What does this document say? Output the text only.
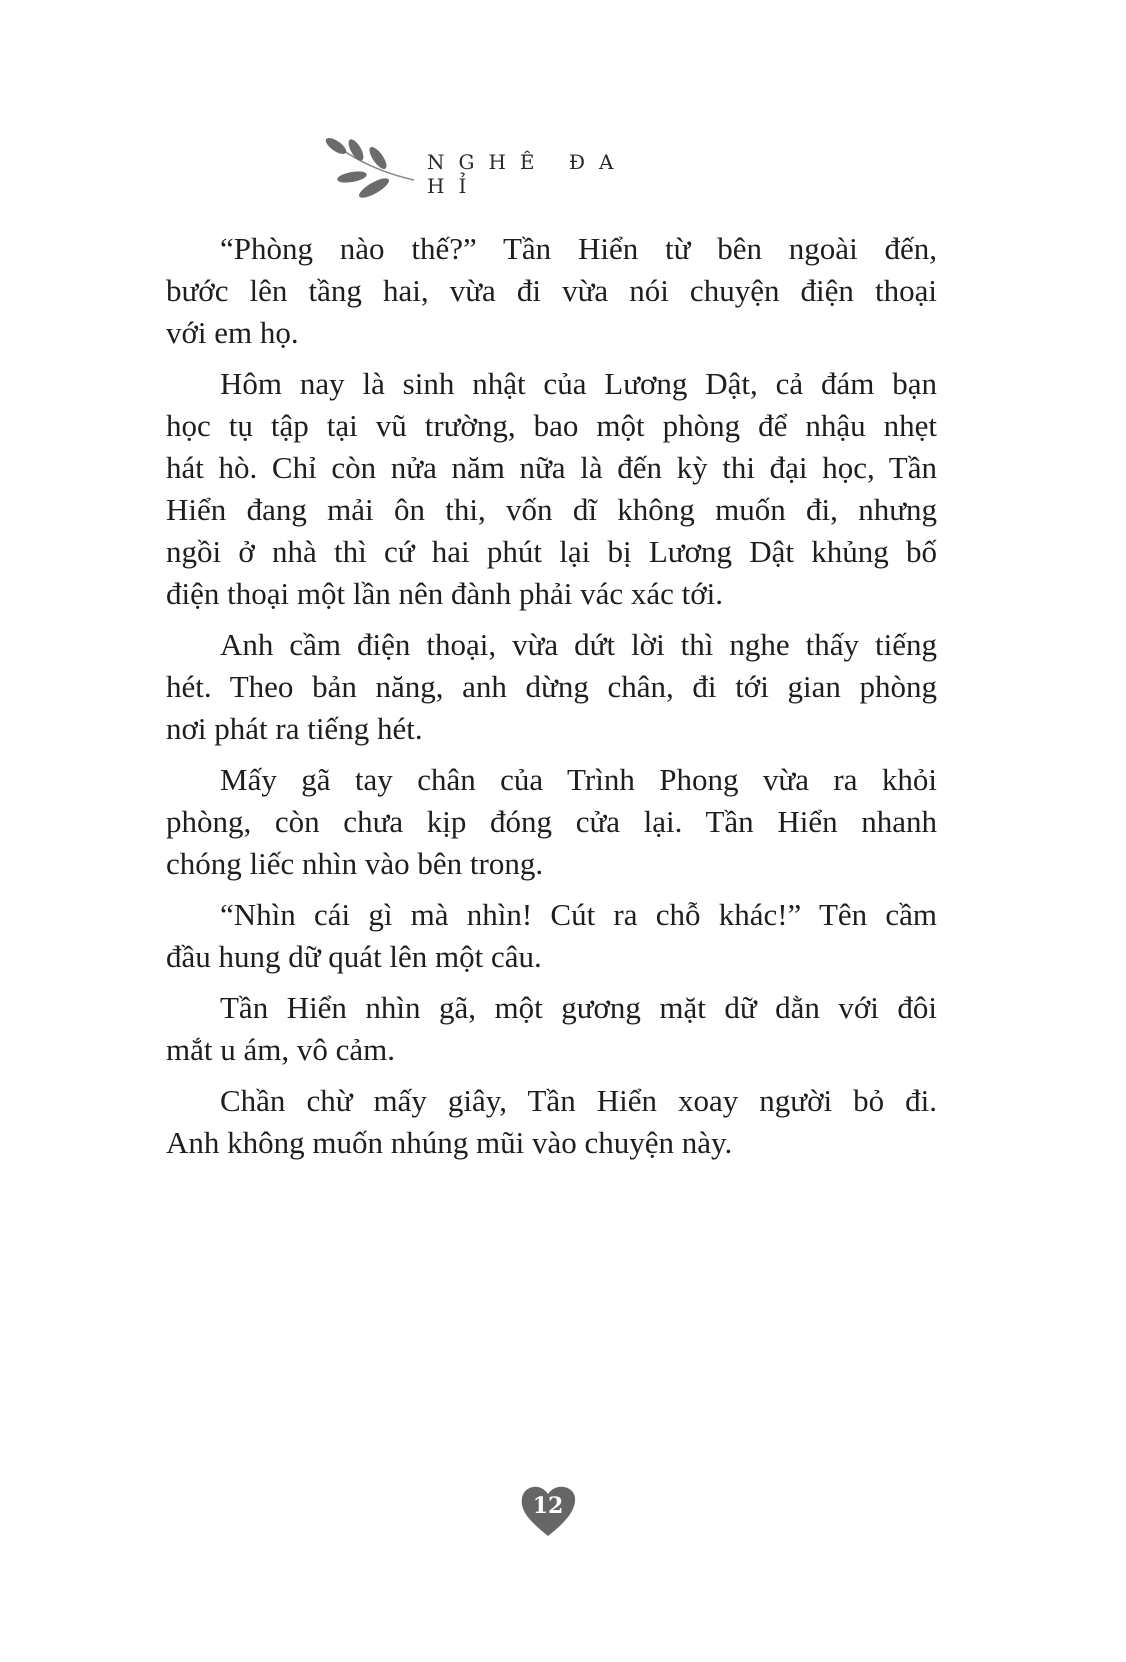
NGHÊ ĐA HỈ
“Phòng nào thế?” Tần Hiển từ bên ngoài đến,
bước lên tầng hai, vừa đi vừa nói chuyện điện thoại
với em họ.
Hôm nay là sinh nhật của Lương Dật, cả đám bạn
học tụ tập tại vũ trường, bao một phòng để nhậu nhẹt
hát hò. Chỉ còn nửa năm nữa là đến kỳ thi đại học, Tần
Hiển đang mải ôn thi, vốn dĩ không muốn đi, nhưng
ngồi ở nhà thì cứ hai phút lại bị Lương Dật khủng bố
điện thoại một lần nên đành phải vác xác tới.
Anh cầm điện thoại, vừa dứt lời thì nghe thấy tiếng
hét. Theo bản năng, anh dừng chân, đi tới gian phòng
nơi phát ra tiếng hét.
Mấy gã tay chân của Trình Phong vừa ra khỏi
phòng, còn chưa kịp đóng cửa lại. Tần Hiển nhanh
chóng liếc nhìn vào bên trong.
“Nhìn cái gì mà nhìn! Cút ra chỗ khác!” Tên cầm
đầu hung dữ quát lên một câu.
Tần Hiển nhìn gã, một gương mặt dữ dằn với đôi
mắt u ám, vô cảm.
Chần chừ mấy giây, Tần Hiển xoay người bỏ đi.
Anh không muốn nhúng mũi vào chuyện này.
12
